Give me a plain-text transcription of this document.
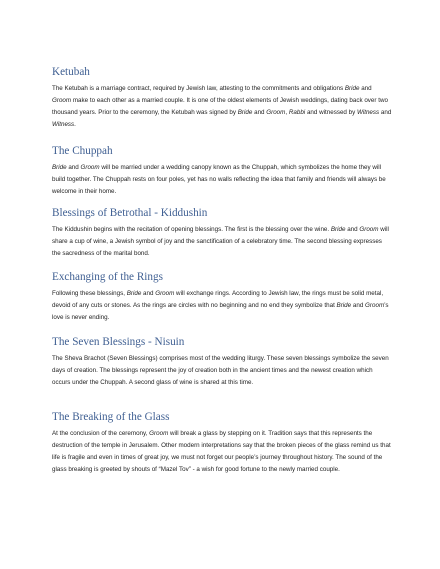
Ketubah

The Ketubah is a marriage contract, required by Jewish law, attesting to the commitments and obligations Bride and Groom make to each other as a married couple. It is one of the oldest elements of Jewish weddings, dating back over two thousand years. Prior to the ceremony, the Ketubah was signed by Bride and Groom, Rabbi and witnessed by Witness and Witness.

The Chuppah

Bride and Groom will be married under a wedding canopy known as the Chuppah, which symbolizes the home they will build together. The Chuppah rests on four poles, yet has no walls reflecting the idea that family and friends will always be welcome in their home.

Blessings of Betrothal - Kiddushin

The Kiddushin begins with the recitation of opening blessings. The first is the blessing over the wine. Bride and Groom will share a cup of wine, a Jewish symbol of joy and the sanctification of a celebratory time. The second blessing expresses the sacredness of the marital bond.

Exchanging of the Rings

Following these blessings, Bride and Groom will exchange rings. According to Jewish law, the rings must be solid metal, devoid of any cuts or stones. As the rings are circles with no beginning and no end they symbolize that Bride and Groom’s love is never ending.

The Seven Blessings - Nisuin

The Sheva Brachot (Seven Blessings) comprises most of the wedding liturgy. These seven blessings symbolize the seven days of creation. The blessings represent the joy of creation both in the ancient times and the newest creation which occurs under the Chuppah. A second glass of wine is shared at this time.

The Breaking of the Glass

At the conclusion of the ceremony, Groom will break a glass by stepping on it. Tradition says that this represents the destruction of the temple in Jerusalem. Other modern interpretations say that the broken pieces of the glass remind us that life is fragile and even in times of great joy, we must not forget our people’s journey throughout history. The sound of the glass breaking is greeted by shouts of “Mazel Tov” - a wish for good fortune to the newly married couple.
